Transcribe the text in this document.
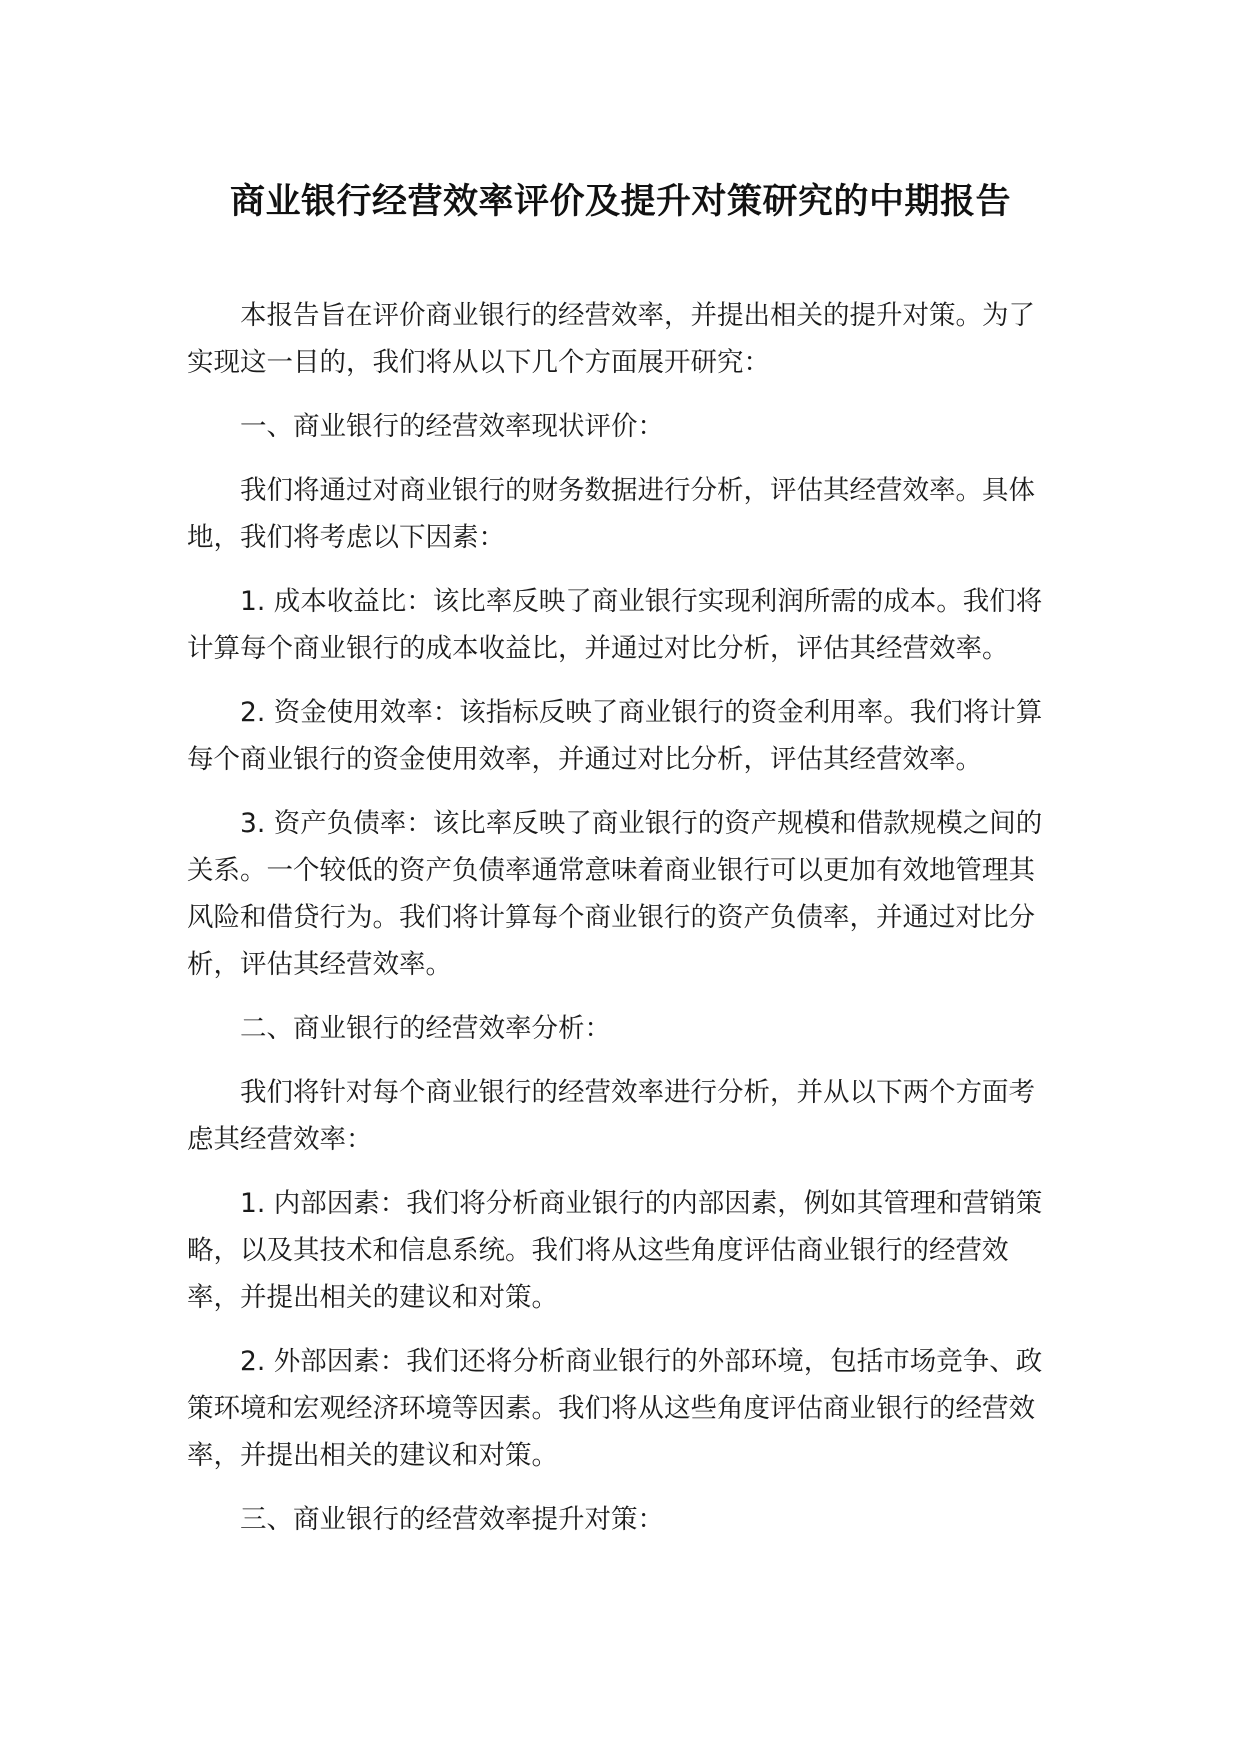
商业银行经营效率评价及提升对策研究的中期报告

本报告旨在评价商业银行的经营效率，并提出相关的提升对策。为了实现这一目的，我们将从以下几个方面展开研究：

一、商业银行的经营效率现状评价：

我们将通过对商业银行的财务数据进行分析，评估其经营效率。具体地，我们将考虑以下因素：

1. 成本收益比：该比率反映了商业银行实现利润所需的成本。我们将计算每个商业银行的成本收益比，并通过对比分析，评估其经营效率。

2. 资金使用效率：该指标反映了商业银行的资金利用率。我们将计算每个商业银行的资金使用效率，并通过对比分析，评估其经营效率。

3. 资产负债率：该比率反映了商业银行的资产规模和借款规模之间的关系。一个较低的资产负债率通常意味着商业银行可以更加有效地管理其风险和借贷行为。我们将计算每个商业银行的资产负债率，并通过对比分析，评估其经营效率。

二、商业银行的经营效率分析：

我们将针对每个商业银行的经营效率进行分析，并从以下两个方面考虑其经营效率：

1. 内部因素：我们将分析商业银行的内部因素，例如其管理和营销策略，以及其技术和信息系统。我们将从这些角度评估商业银行的经营效率，并提出相关的建议和对策。

2. 外部因素：我们还将分析商业银行的外部环境，包括市场竞争、政策环境和宏观经济环境等因素。我们将从这些角度评估商业银行的经营效率，并提出相关的建议和对策。

三、商业银行的经营效率提升对策：
